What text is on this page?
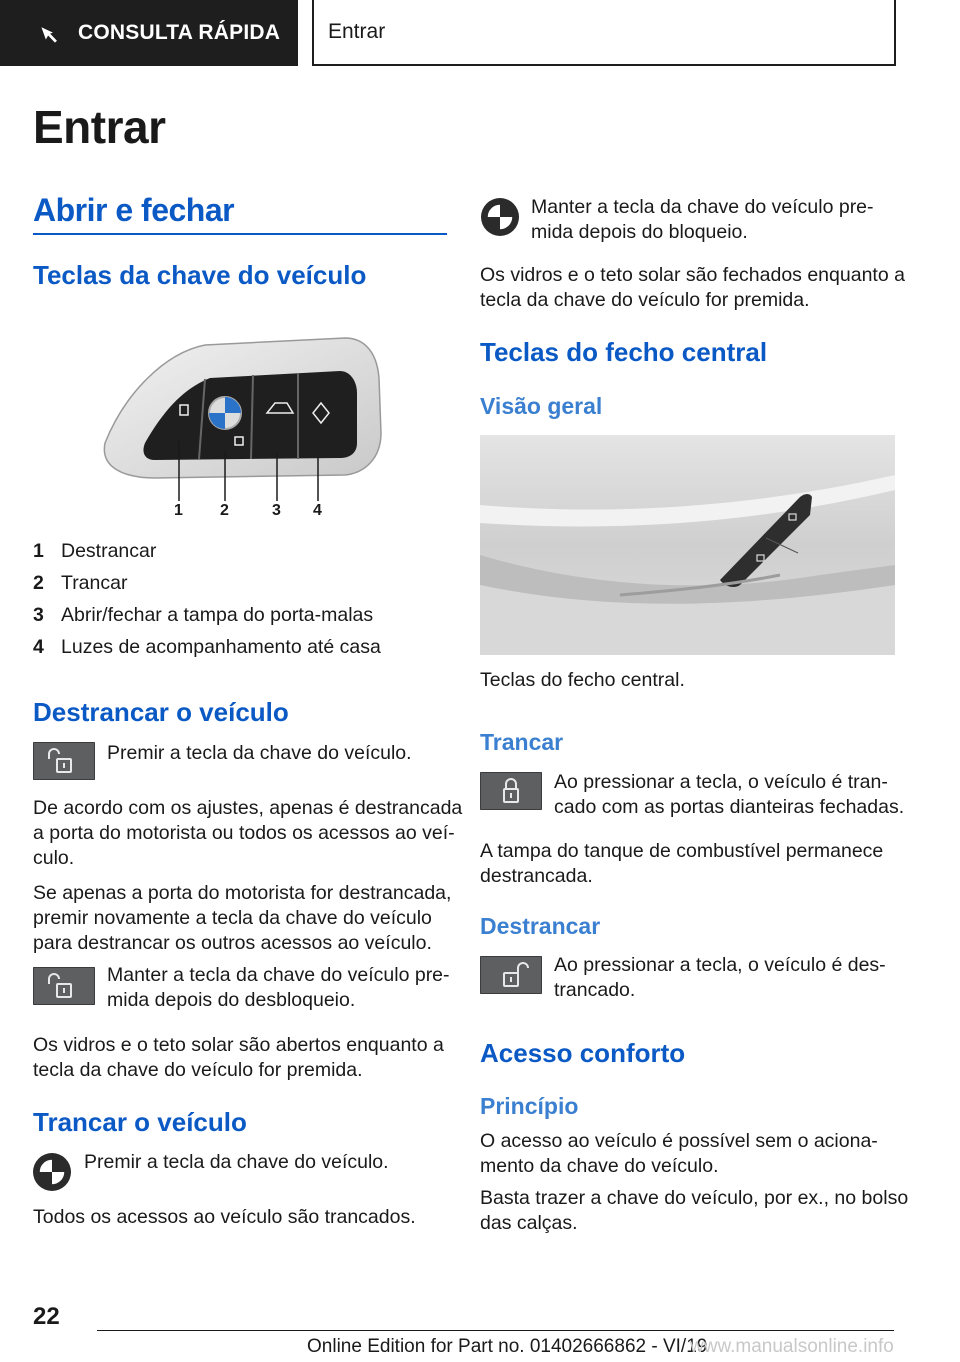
CONSULTA RÁPIDA Entrar
Entrar
Abrir e fechar
Teclas da chave do veículo
1 2	3 4
1 Destrancar
2 Trancar
3 Abrir/fechar a tampa do porta-malas
4 Luzes de acompanhamento até casa
Destrancar o veículo
Premir a tecla da chave do veículo.
De acordo com os ajustes, apenas é destrancada
a porta do motorista ou todos os acessos ao veí-
culo.
Se apenas a porta do motorista for destrancada,
premir novamente a tecla da chave do veículo
para destrancar os outros acessos ao veículo.
Manter a tecla da chave do veículo pre-
mida depois do desbloqueio.
Os vidros e o teto solar são abertos enquanto a
tecla da chave do veículo for premida.
Trancar o veículo
Premir a tecla da chave do veículo.
Todos os acessos ao veículo são trancados.
Manter a tecla da chave do veículo pre-
mida depois do bloqueio.
Os vidros e o teto solar são fechados enquanto a
tecla da chave do veículo for premida.
Teclas do fecho central
Visão geral
Teclas do fecho central.
Trancar
Ao pressionar a tecla, o veículo é tran-
cado com as portas dianteiras fechadas.
A tampa do tanque de combustível permanece
destrancada.
Destrancar
Ao pressionar a tecla, o veículo é des-
trancado.
Acesso conforto
Princípio
O acesso ao veículo é possível sem o aciona-
mento da chave do veículo.
Basta trazer a chave do veículo, por ex., no bolso
das calças.
22
Online Edition for Part no. 01402666862 - VI/19
www.manualsonline.info
